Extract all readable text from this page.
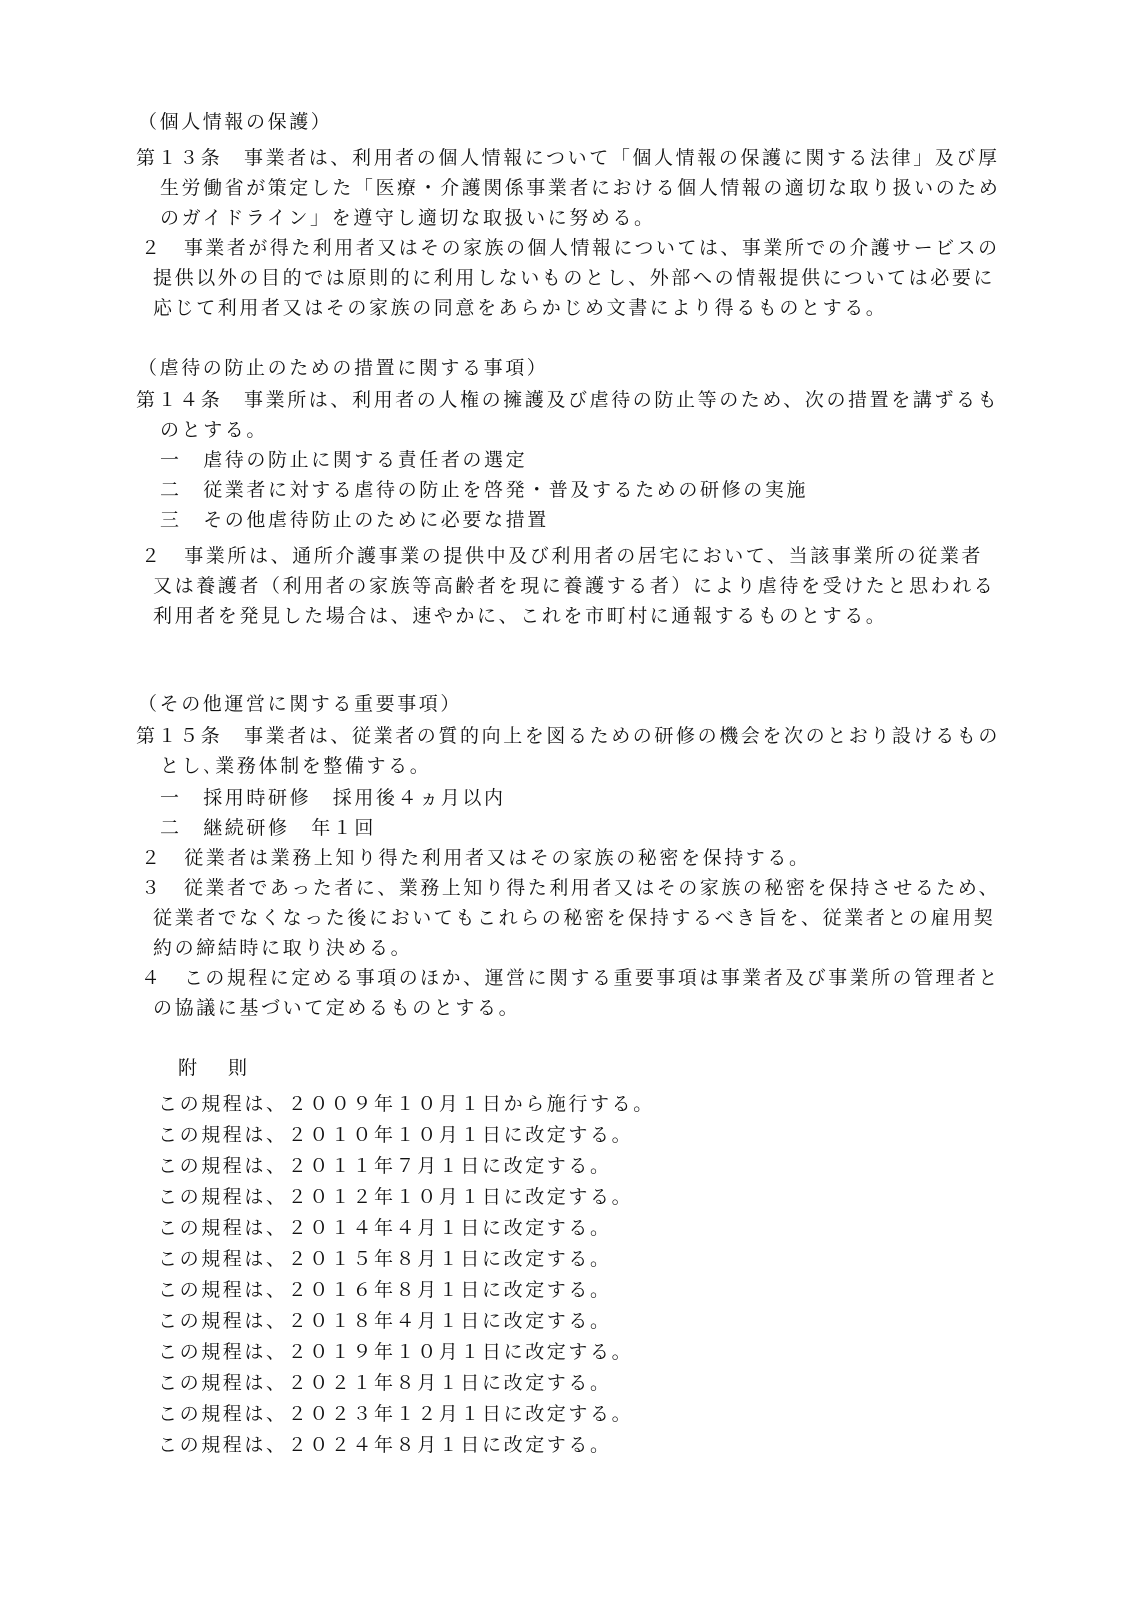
（個人情報の保護）
第１３条　事業者は、利用者の個人情報について「個人情報の保護に関する法律」及び厚
生労働省が策定した「医療・介護関係事業者における個人情報の適切な取り扱いのため
のガイドライン」を遵守し適切な取扱いに努める。
２　事業者が得た利用者又はその家族の個人情報については、事業所での介護サービスの
提供以外の目的では原則的に利用しないものとし、外部への情報提供については必要に
応じて利用者又はその家族の同意をあらかじめ文書により得るものとする。
（虐待の防止のための措置に関する事項）
第１４条　事業所は、利用者の人権の擁護及び虐待の防止等のため、次の措置を講ずるも
のとする。
一　虐待の防止に関する責任者の選定
二　従業者に対する虐待の防止を啓発・普及するための研修の実施
三　その他虐待防止のために必要な措置
２　事業所は、通所介護事業の提供中及び利用者の居宅において、当該事業所の従業者
又は養護者（利用者の家族等高齢者を現に養護する者）により虐待を受けたと思われる
利用者を発見した場合は、速やかに、これを市町村に通報するものとする。
（その他運営に関する重要事項）
第１５条　事業者は、従業者の質的向上を図るための研修の機会を次のとおり設けるもの
とし､業務体制を整備する。
一　採用時研修　採用後４ヵ月以内
二　継続研修　年１回
２　従業者は業務上知り得た利用者又はその家族の秘密を保持する。
３　従業者であった者に、業務上知り得た利用者又はその家族の秘密を保持させるため、
従業者でなくなった後においてもこれらの秘密を保持するべき旨を、従業者との雇用契
約の締結時に取り決める。
４　この規程に定める事項のほか、運営に関する重要事項は事業者及び事業所の管理者と
の協議に基づいて定めるものとする。
附　則
この規程は、２００９年１０月１日から施行する。
この規程は、２０１０年１０月１日に改定する。
この規程は、２０１１年７月１日に改定する。
この規程は、２０１２年１０月１日に改定する。
この規程は、２０１４年４月１日に改定する。
この規程は、２０１５年８月１日に改定する。
この規程は、２０１６年８月１日に改定する。
この規程は、２０１８年４月１日に改定する。
この規程は、２０１９年１０月１日に改定する。
この規程は、２０２１年８月１日に改定する。
この規程は、２０２３年１２月１日に改定する。
この規程は、２０２４年８月１日に改定する。
